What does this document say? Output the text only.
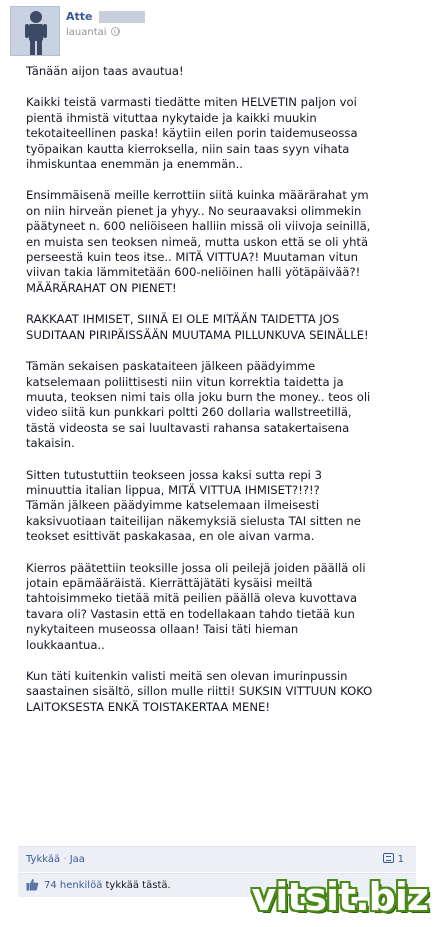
Atte
lauantai

Tänään aijon taas avautua!

Kaikki teistä varmasti tiedätte miten HELVETIN paljon voi
pientä ihmistä vituttaa nykytaide ja kaikki muukin
tekotaiteellinen paska! käytiin eilen porin taidemuseossa
työpaikan kautta kierroksella, niin sain taas syyn vihata
ihmiskuntaa enemmän ja enemmän..

Ensimmäisenä meille kerrottiin siitä kuinka määrärahat ym
on niin hirveän pienet ja yhyy.. No seuraavaksi olimmekin
päätyneet n. 600 neliöiseen halliin missä oli viivoja seinillä,
en muista sen teoksen nimeä, mutta uskon että se oli yhtä
perseestä kuin teos itse.. MITÄ VITTUA?! Muutaman vitun
viivan takia lämmitetään 600-neliöinen halli yötäpäivää?!
MÄÄRÄRAHAT ON PIENET!

RAKKAAT IHMISET, SIINÄ EI OLE MITÄÄN TAIDETTA JOS
SUDITAAN PIRIPÄISSÄÄN MUUTAMA PILLUNKUVA SEINÄLLE!

Tämän sekaisen paskataiteen jälkeen päädyimme
katselemaan poliittisesti niin vitun korrektia taidetta ja
muuta, teoksen nimi tais olla joku burn the money.. teos oli
video siitä kun punkkari poltti 260 dollaria wallstreetillä,
tästä videosta se sai luultavasti rahansa satakertaisena
takaisin.

Sitten tutustuttiin teokseen jossa kaksi sutta repi 3
minuuttia italian lippua, MITÄ VITTUA IHMISET?!?!?
Tämän jälkeen päädyimme katselemaan ilmeisesti
kaksivuotiaan taiteilijan näkemyksiä sielusta TAI sitten ne
teokset esittivät paskakasaa, en ole aivan varma.

Kierros päätettiin teoksille jossa oli peilejä joiden päällä oli
jotain epämääräistä. Kierrättäjätäti kysäisi meiltä
tahtoisimmeko tietää mitä peilien päällä oleva kuvottava
tavara oli? Vastasin että en todellakaan tahdo tietää kun
nykytaiteen museossa ollaan! Taisi täti hieman
loukkaantua..

Kun täti kuitenkin valisti meitä sen olevan imurinpussin
saastainen sisältö, sillon mulle riitti! SUKSIN VITTUUN KOKO
LAITOKSESTA ENKÄ TOISTAKERTAA MENE!

Tykkää · Jaa	1
74 henkilöä tykkää tästä.	vitsit.biz
